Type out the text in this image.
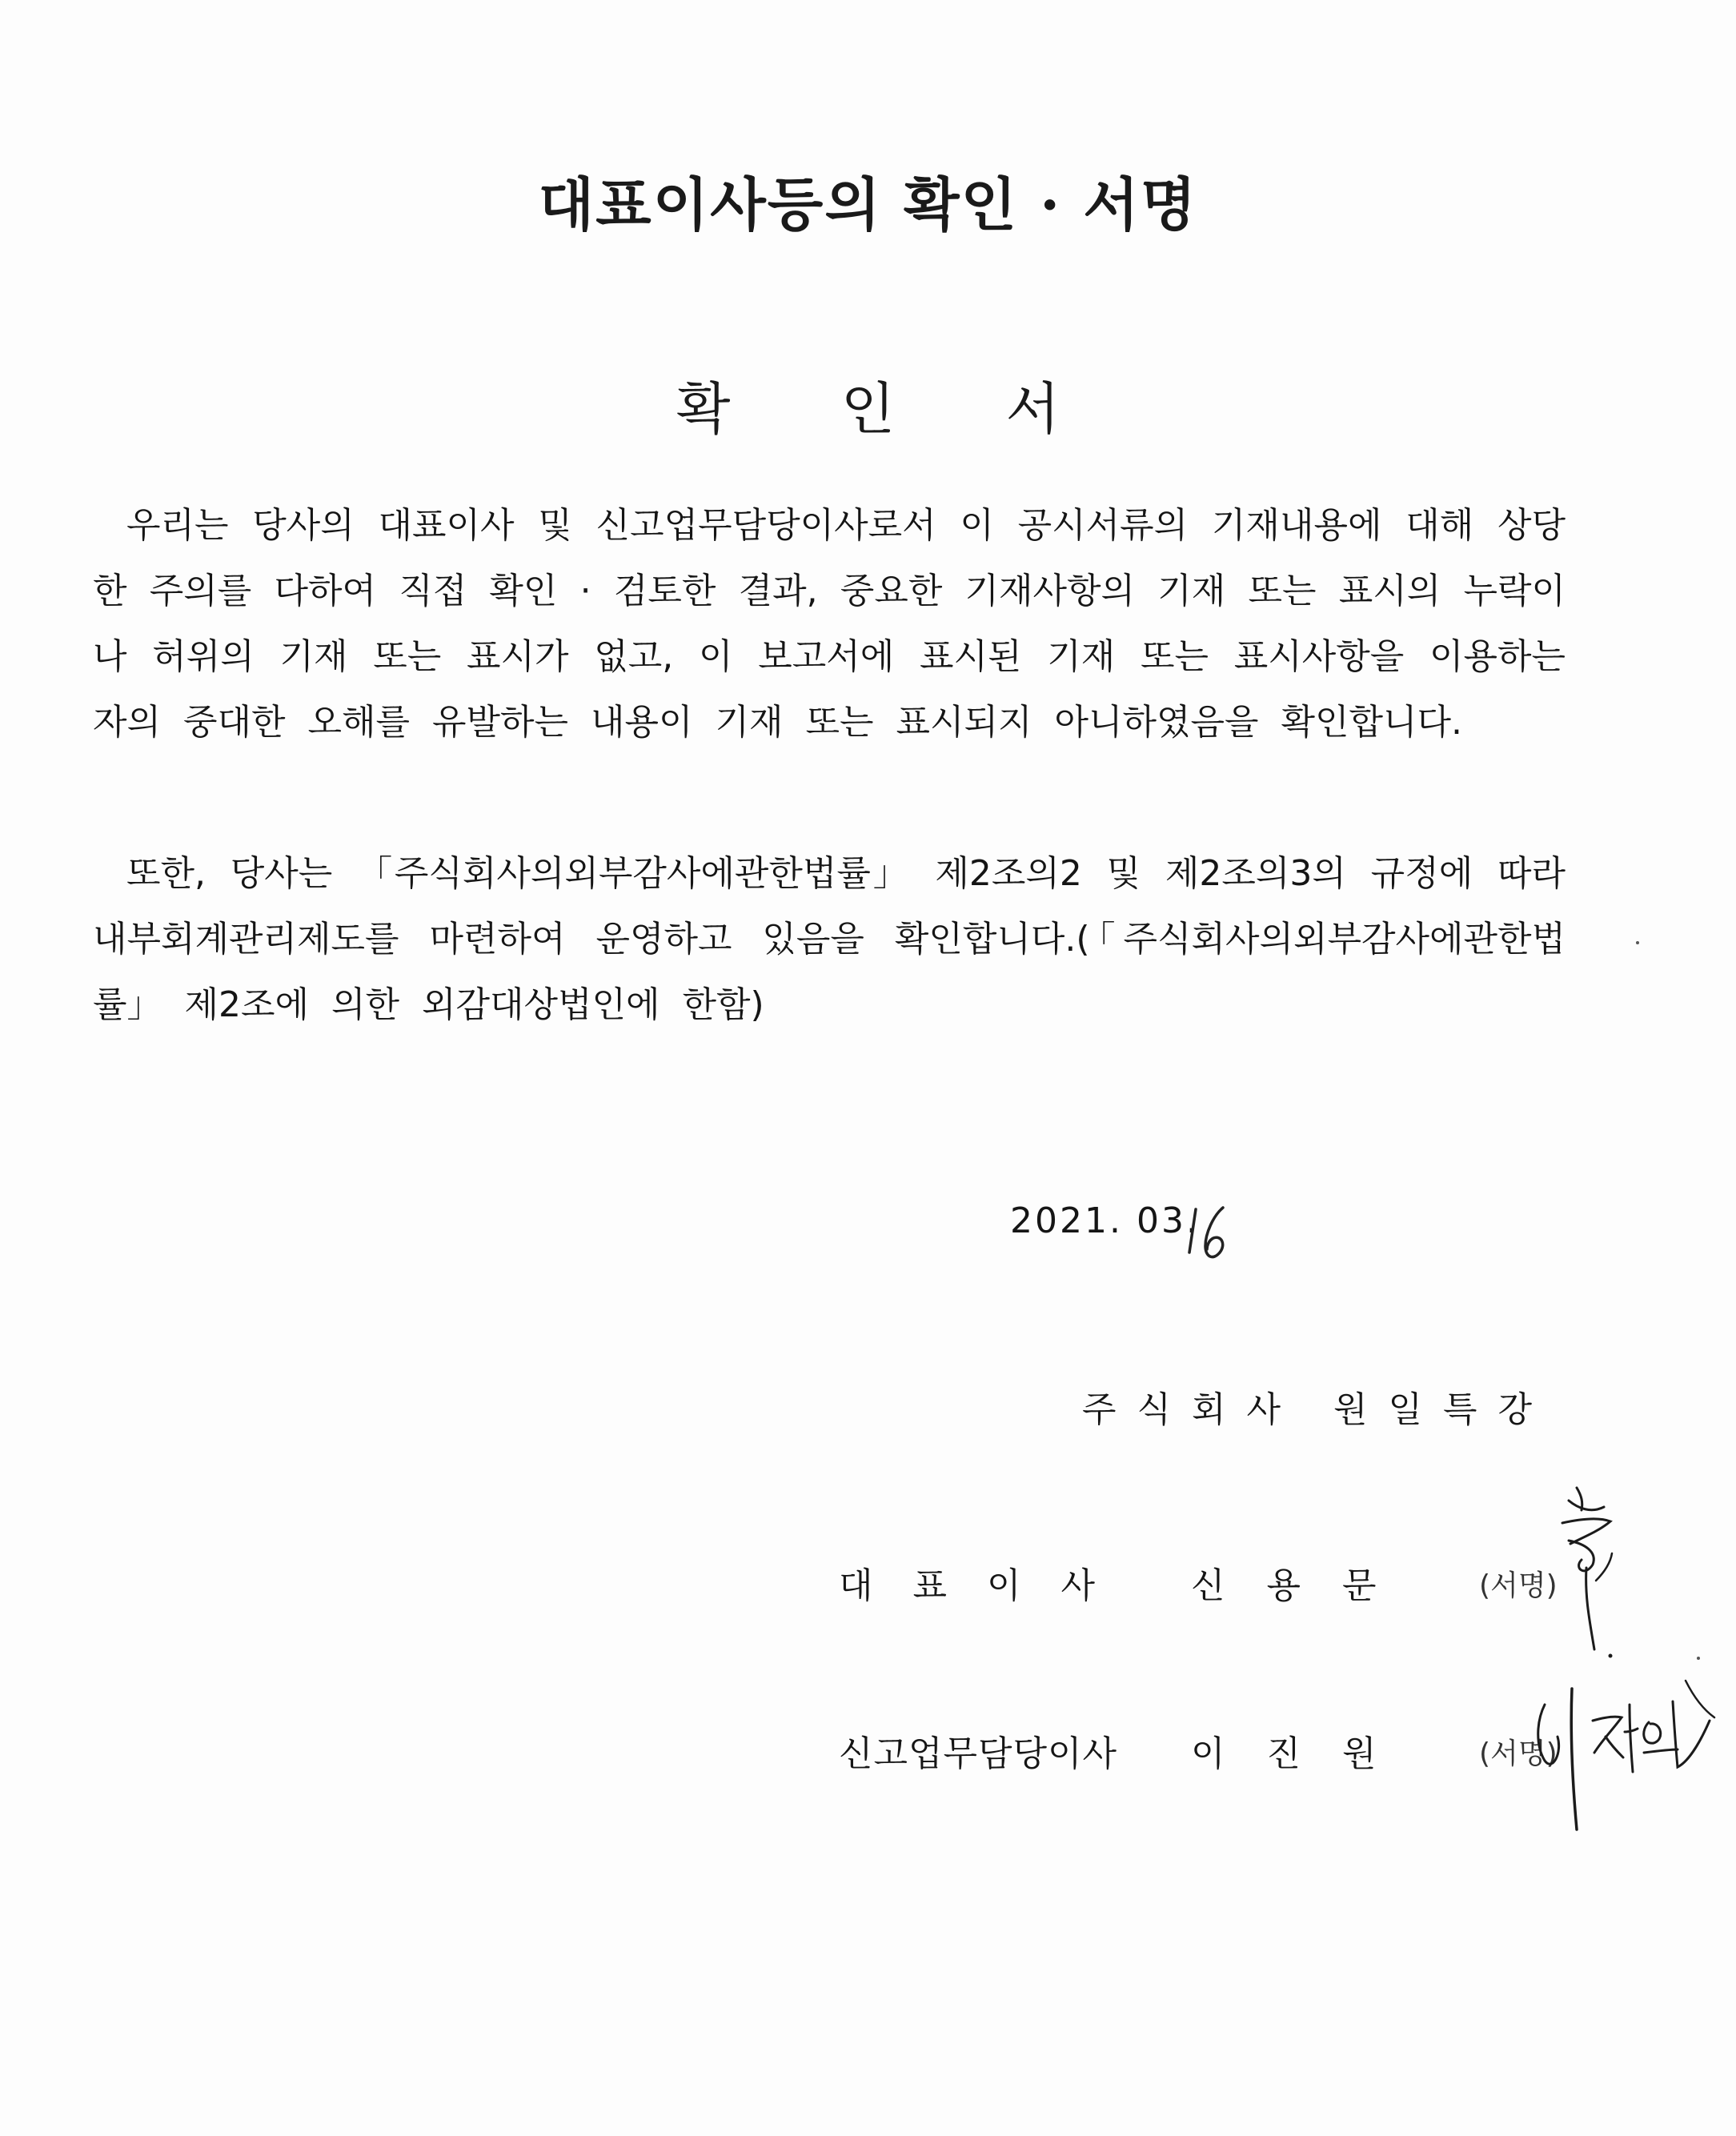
대표이사등의 확인 · 서명
확 인 서

우리는 당사의 대표이사 및 신고업무담당이사로서 이 공시서류의 기재내용에 대해 상당한 주의를 다하여 직접 확인 · 검토한 결과, 중요한 기재사항의 기재 또는 표시의 누락이나 허위의 기재 또는 표시가 없고, 이 보고서에 표시된 기재 또는 표시사항을 이용하는 자의 중대한 오해를 유발하는 내용이 기재 또는 표시되지 아니하였음을 확인합니다.

또한, 당사는 「주식회사의외부감사에관한법률」 제2조의2 및 제2조의3의 규정에 따라 내부회계관리제도를 마련하여 운영하고 있음을 확인합니다.(「주식회사의외부감사에관한법률」 제2조에 의한 외감대상법인에 한함)

2021. 03.
주식회사 원일특강
대표이사 신용문 (서명)
신고업무담당이사 이진원 (서명)
